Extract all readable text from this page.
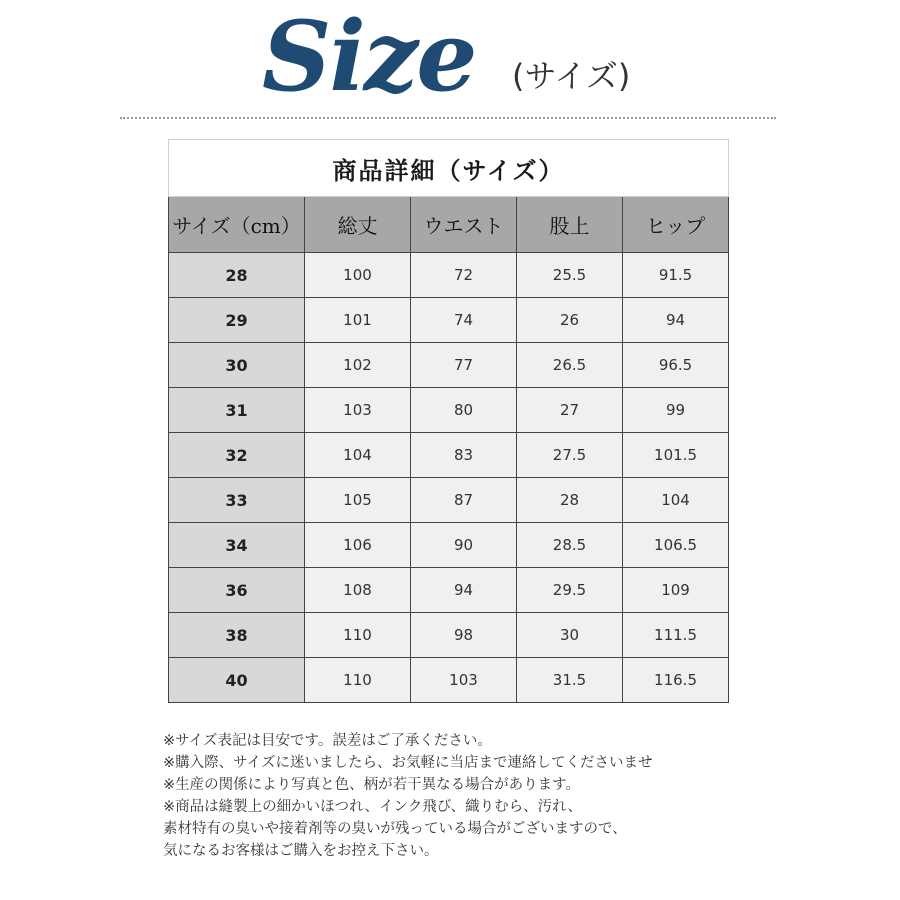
Size (サイズ)
商品詳細（サイズ）				
サイズ（cm）	総丈	ウエスト	股上	ヒップ
28	100	72	25.5	91.5
29	101	74	26	94
30	102	77	26.5	96.5
31	103	80	27	99
32	104	83	27.5	101.5
33	105	87	28	104
34	106	90	28.5	106.5
36	108	94	29.5	109
38	110	98	30	111.5
40	110	103	31.5	116.5
※サイズ表記は目安です。誤差はご了承ください。
※購入際、サイズに迷いましたら、お気軽に当店まで連絡してくださいませ
※生産の関係により写真と色、柄が若干異なる場合があります。
※商品は縫製上の細かいほつれ、インク飛び、織りむら、汚れ、
素材特有の臭いや接着剤等の臭いが残っている場合がございますので、
気になるお客様はご購入をお控え下さい。
